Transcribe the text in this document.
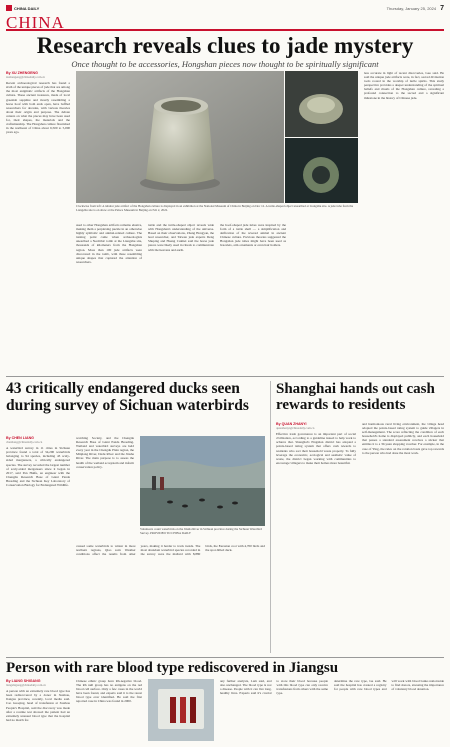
CHINA DAILY	Thursday, January 25, 2024 7
CHINA
Research reveals clues to jade mystery
Once thought to be accessories, Hongshan pieces now thought to be spiritually significant
By XU ZHENGENG
xuzhengeng@chinadaily.com.cn
Recent archaeological research has found a sixth of the unique pieces of jade that are among the most enigmatic artifacts of the Hongshan culture. These ancient treasures, made of local greenish sapphire and mostly resembling a horse hoof with both ends open, have baffled researchers for decades, with various theories about their origin and purpose. The debate centers on what the pieces may have been used for, their shapes, the materials and the craftsmanship. The Hongshan culture flourished in the northeast of China about 6,500 to 5,000 years ago.
Clockwise from left: A tubular jade artifact of the Hongshan culture is displayed in an exhibition at the National Museum of China in Beijing on Dec 12. A turtle-shaped object unearthed at Liangzhu site. A jade tube from the Liangzhu site is on show at the Palace Museum in Beijing on Feb 2, 2022.
used to other Hongshan artifacts remains elusive, making them a perplexing puzzle in an otherwise highly symbolic and animal-related culture. The turning point came when archaeologists unearthed a Neolithic tomb at the Liangzhu site, thousands of kilometers from the Hongshan region. More than 100 jade artifacts were discovered in the tomb, with three resembling unique shapes that captured the attention of researchers.
turtle and the turtle-shaped object reveals wide with Hongshan's understanding of the universe. Based on their observations, Zhang Hongyan, the lead researcher, and Taiwan jade experts Deng Shuping and Huang Cuimei said the horse jade pieces were likely used in rituals to communicate with the heavens and earth.
the hoof-shaped jade tubes were inspired by the form of a turtle shell — a simplification and deification of the revered animal in ancient Chinese culture. Previous theories suggested the Hongshan jade tubes might have been used as bracelets, arm ornaments or even hair holders.
less accurate in light of recent discoveries, Guo said. He said the unique jade artifacts were, in fact, sacred divination tools rooted in the worship of turtle spirits. This study perspective provides a deeper understanding of the spiritual beliefs and rituals of the Hongshan culture, revealing a profound connection to the sacred and a significant milestone in the history of Chinese jade.
43 critically endangered ducks seen during survey of Sichuan waterbirds
By CHEN LIANG
chenliang@chinadaily.com.cn
A waterbird survey in 11 cities in Sichuan province found a total of 34,290 waterbirds belonging to 94 species, including 43 scaly-sided mergansers, a critically endangered species. The survey recorded the largest number of scaly-sided mergansers since it began in 2017, said Pan Huifu, an engineer with the Chengdu Research Base of Giant Panda Breeding and the Sichuan Key Laboratory of Conservation Biology for Endangered Wildlife.
watching Society, and the Chengdu Research Base of Giant Panda Breeding. Wetland and waterbird surveys are held every year in the Chengdu Plain region, the Minjiang River, Dadu River and the Jinsha River. The main purpose is to assess the health of the wetland ecosystem and inform conservation policy.
Volunteers count waterbirds on the Jinsha River in Sichuan province during the Sichuan Waterbird Survey. PROVIDED TO CHINA DAILY
caused some waterbirds to winter in more northern regions, Qiao said. Weather conditions affect the results from other years, making it harder to track trends. The most abundant waterbird species recorded in the survey were the mallard with 8,880 birds, the Eurasian coot with 4,700 birds and the spot-billed duck.
Shanghai hands out cash rewards to residents
By QUAN ZHANYI
quanzhanyi@chinadaily.com.cn
Effective trash governance is an important part of social civilization, according to a guideline issued to help work to achieve that. Shanghai's Pingshan district has adopted a points-based rating system that offers cash rewards to residents who sort their household waste properly. To fully leverage the economic, ecological and aesthetic value of waste, the district began working with communities to encourage villagers to make their homes more beautiful.
and harmonious rural living environment, the village head adopted the points-based rating system to guide villagers in self-management. The score reflecting the condition of each household's home is displayed publicly, and each household that passes a standard assessment receives a sticker that entitles it to a 30-yuan shopping voucher. For example, in the case of Ying, the rules on the rotation basis gave top rewards to the person who had done the most work.
Person with rare blood type rediscovered in Jiangsu
By LIANG SHIGANG
liangshigang@chinadaily.com.cn
A person with an extremely rare blood type has been rediscovered by a donor in Xuzhou, Jiangsu province, recently, local media said. Cao Guoqing, head of transfusion at Xuzhou People's Hospital, said the discovery was made after a routine test showed the patient had an extremely unusual blood type that the hospital had no match for.
Chinese ethnic group have Rh-negative blood. The Rh null group has no antigens on the red blood cell surface. Only a few cases in the world have been found, and experts said it is the rarest blood type ever identified. He said the first reported case in China was found in 2000.
any further analysis, Lam said, and also unchanged. The blood type is not a disease. People with it can live long, healthy lives. Experts said it's crucial to store their blood because people with this blood type can only receive transfusions from others with the same type.
determine the rare type, Gu said. He said the hospital has created a registry for people with rare blood types and will work with blood banks nationwide to find donors, stressing the importance of voluntary blood donation.
